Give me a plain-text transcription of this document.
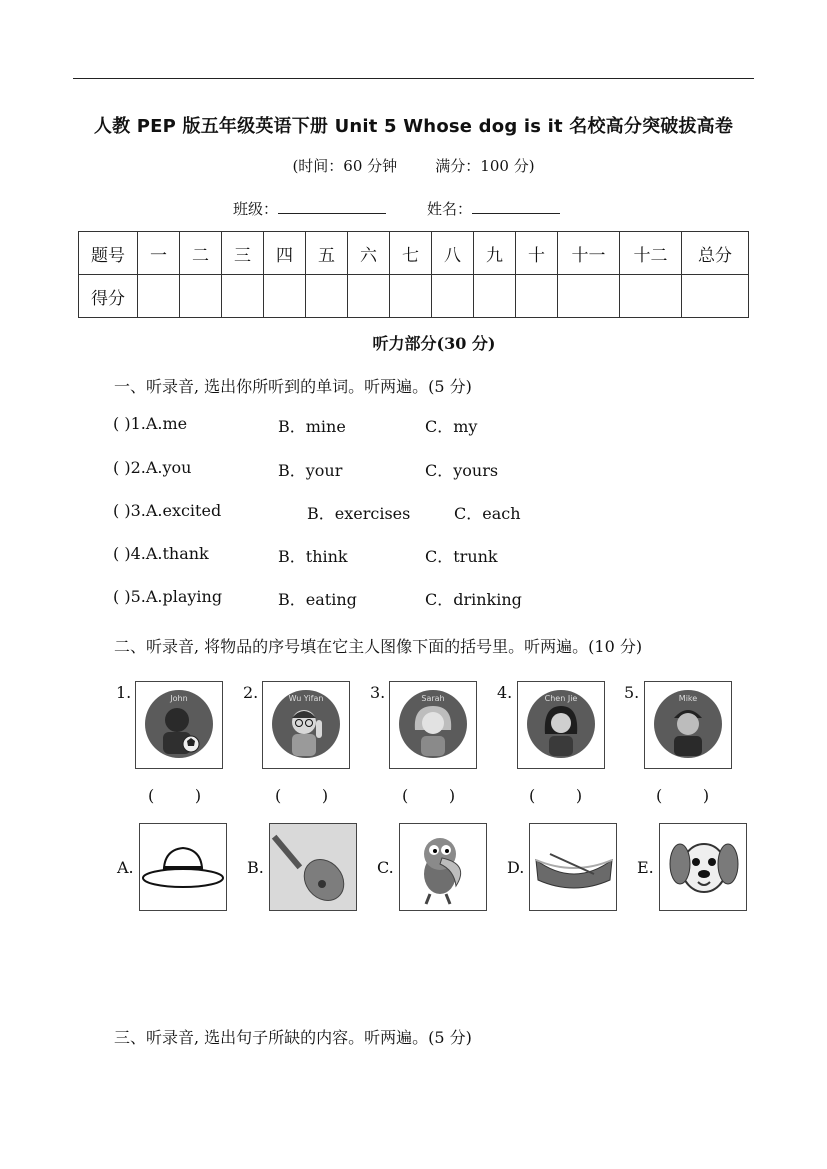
人教 PEP 版五年级英语下册 Unit 5 Whose dog is it 名校高分突破拔高卷
(时间：60 分钟        满分：100 分)
班级：	姓名：
题号	一	二	三	四	五	六	七	八	九	十	十一	十二	总分
得分													
听力部分(30 分)
一、听录音, 选出你所听到的单词。听两遍。(5 分)
( )1.A.me	B．mine	C．my
( )2.A.you	B．your	C．yours
( )3.A.excited	B．exercises	C．each
( )4.A.thank	B．think	C．trunk
( )5.A.playing	B．eating	C．drinking
二、听录音, 将物品的序号填在它主人图像下面的括号里。听两遍。(10 分)
1.	John	2.	Wu Yifan	3.	Sarah	4.	Chen Jie	5.	Mike
(        )	(        )	(        )	(        )	(        )
A.	B.	C.	D.	E.
三、听录音, 选出句子所缺的内容。听两遍。(5 分)
